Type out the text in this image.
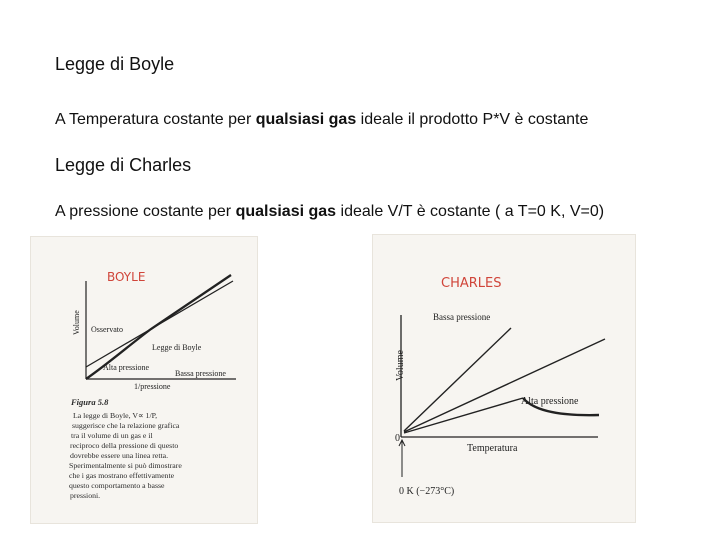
Legge di Boyle
A Temperatura costante per qualsiasi gas ideale il prodotto P*V è costante
Legge di Charles
A pressione costante per qualsiasi gas ideale V/T è costante ( a T=0 K, V=0)
BOYLE
Volume Osservato
Legge di Boyle
Alta pressione
Bassa pressione
1/pressione
Figura 5.8
La legge di Boyle, V∝ 1/P,
suggerisce che la relazione grafica
tra il volume di un gas e il
reciproco della pressione di questo
dovrebbe essere una linea retta.
Sperimentalmente si può dimostrare
che i gas mostrano effettivamente
questo comportamento a basse
pressioni.
CHARLES
Volume
Bassa pressione
Alta pressione
0
Temperatura
0 K (−273°C)
